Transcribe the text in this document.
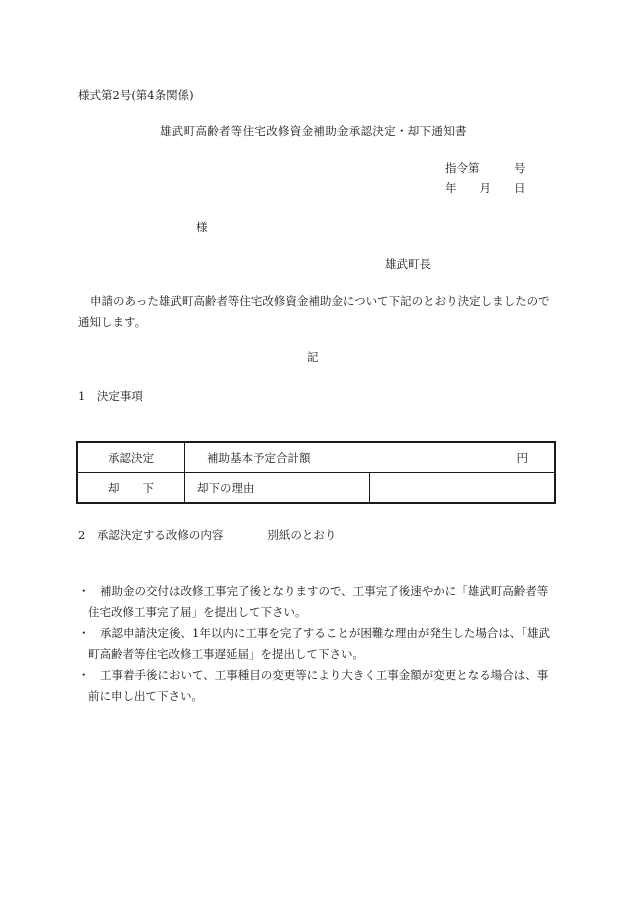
様式第2号(第4条関係)
雄武町高齢者等住宅改修資金補助金承認決定・却下通知書
指令第　　　号
年　　月　　日
様
雄武町長
申請のあった雄武町高齢者等住宅改修資金補助金について下記のとおり決定しましたので通知します。
記
1　決定事項
承認決定	補助基本予定合計額 円	

却　　下	却下の理由	
2　承認決定する改修の内容	別紙のとおり
・ 補助金の交付は改修工事完了後となりますので、工事完了後速やかに「雄武町高齢者等住宅改修工事完了届」を提出して下さい。
・ 承認申請決定後、1年以内に工事を完了することが困難な理由が発生した場合は、「雄武町高齢者等住宅改修工事遅延届」を提出して下さい。
・ 工事着手後において、工事種目の変更等により大きく工事金額が変更となる場合は、事前に申し出て下さい。
